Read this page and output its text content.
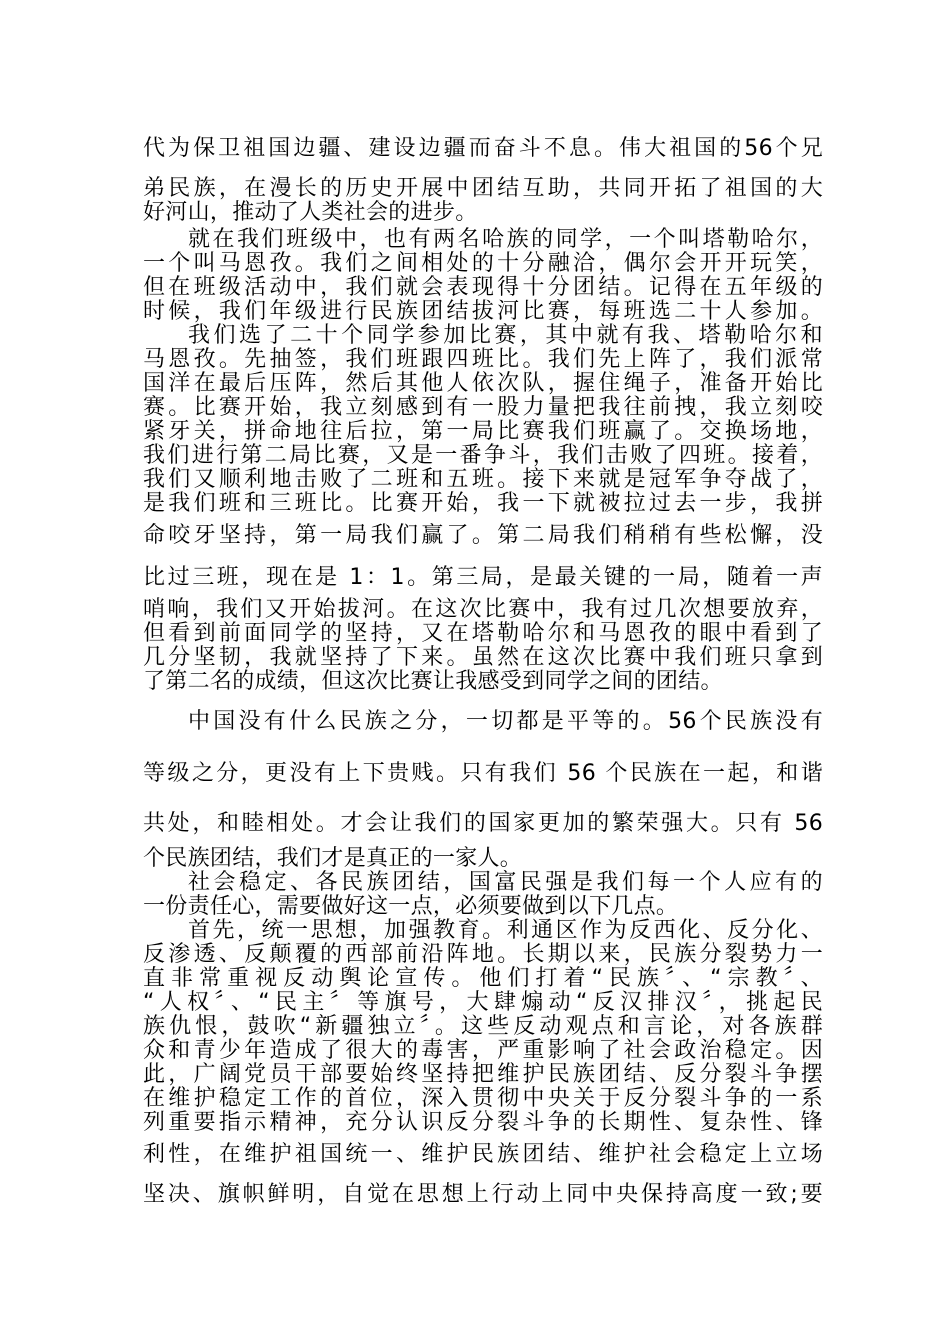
代为保卫祖国边疆、建设边疆而奋斗不息。伟大祖国的56个兄
弟民族，在漫长的历史开展中团结互助，共同开拓了祖国的大
好河山，推动了人类社会的进步。
就在我们班级中，也有两名哈族的同学，一个叫塔勒哈尔，
一个叫马恩孜。我们之间相处的十分融洽，偶尔会开开玩笑，
但在班级活动中，我们就会表现得十分团结。记得在五年级的
时候，我们年级进行民族团结拔河比赛，每班选二十人参加。
我们选了二十个同学参加比赛，其中就有我、塔勒哈尔和
马恩孜。先抽签，我们班跟四班比。我们先上阵了，我们派常
国洋在最后压阵，然后其他人依次队，握住绳子，准备开始比
赛。比赛开始，我立刻感到有一股力量把我往前拽，我立刻咬
紧牙关，拼命地往后拉，第一局比赛我们班赢了。交换场地，
我们进行第二局比赛，又是一番争斗，我们击败了四班。接着，
我们又顺利地击败了二班和五班。接下来就是冠军争夺战了，
是我们班和三班比。比赛开始，我一下就被拉过去一步，我拼
命咬牙坚持，第一局我们赢了。第二局我们稍稍有些松懈，没
比过三班，现在是 1：1。第三局，是最关键的一局，随着一声
哨响，我们又开始拔河。在这次比赛中，我有过几次想要放弃，
但看到前面同学的坚持，又在塔勒哈尔和马恩孜的眼中看到了
几分坚韧，我就坚持了下来。虽然在这次比赛中我们班只拿到
了第二名的成绩，但这次比赛让我感受到同学之间的团结。
中国没有什么民族之分，一切都是平等的。56个民族没有
等级之分，更没有上下贵贱。只有我们 56 个民族在一起，和谐
共处，和睦相处。才会让我们的国家更加的繁荣强大。只有 56
个民族团结，我们才是真正的一家人。
社会稳定、各民族团结，国富民强是我们每一个人应有的
一份责任心，需要做好这一点，必须要做到以下几点。
首先，统一思想，加强教育。利通区作为反西化、反分化、
反渗透、反颠覆的西部前沿阵地。长期以来，民族分裂势力一
直非常重视反动舆论宣传。他们打着“民族〞、“宗教〞、
“人权〞、“民主〞等旗号，大肆煽动“反汉排汉〞，挑起民
族仇恨，鼓吹“新疆独立〞。这些反动观点和言论，对各族群
众和青少年造成了很大的毒害，严重影响了社会政治稳定。因
此，广阔党员干部要始终坚持把维护民族团结、反分裂斗争摆
在维护稳定工作的首位，深入贯彻中央关于反分裂斗争的一系
列重要指示精神，充分认识反分裂斗争的长期性、复杂性、锋
利性，在维护祖国统一、维护民族团结、维护社会稳定上立场
坚决、旗帜鲜明，自觉在思想上行动上同中央保持高度一致;要
